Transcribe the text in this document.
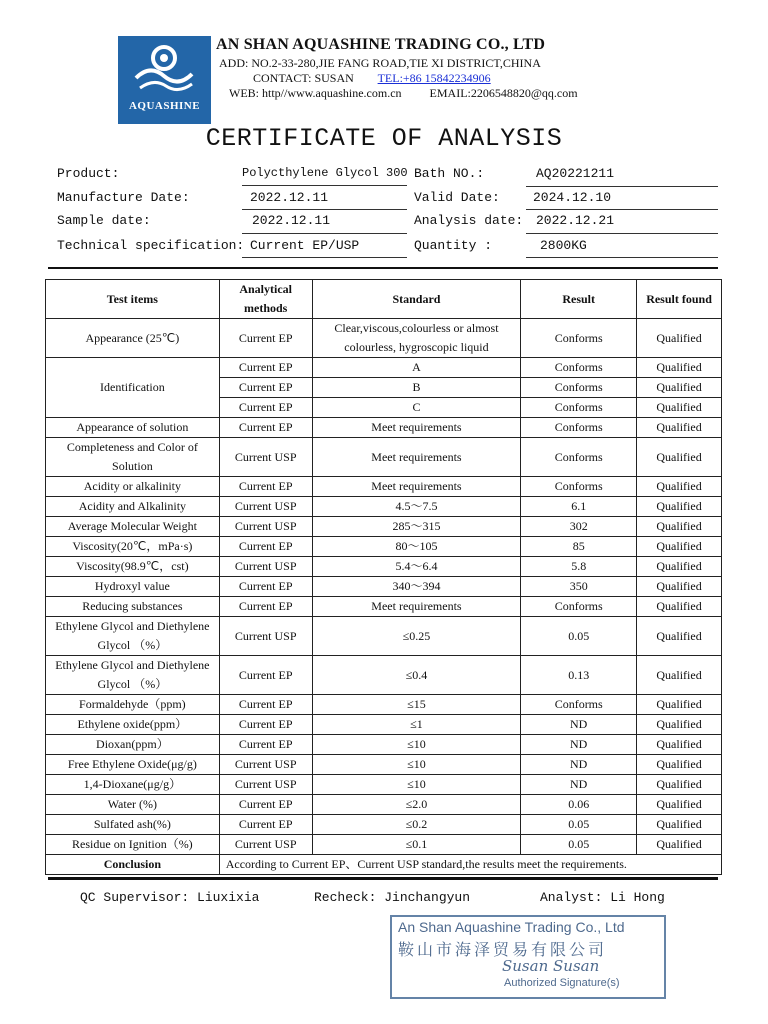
AQUASHINE
AN SHAN AQUASHINE TRADING CO., LTD
ADD: NO.2-33-280,JIE FANG ROAD,TIE XI DISTRICT,CHINA
CONTACT: SUSAN TEL:+86 15842234906
WEB: http//www.aquashine.com.cn EMAIL:2206548820@qq.com
CERTIFICATE OF ANALYSIS
Product:	Polycthylene Glycol 300 Bath NO.:	AQ20221211
Manufacture Date:	2022.12.11	Valid Date:	2024.12.10
Sample date:	2022.12.11	Analysis date: 2022.12.21
Technical specification: Current EP/USP	Quantity :	2800KG
Test items	Analytical methods	Standard	Result	Result found
Appearance (25℃)	Current EP	Clear,viscous,colourless or almost colourless, hygroscopic liquid	Conforms	Qualified
Identification	Current EP	A	Conforms	Qualified
	Current EP	B	Conforms	Qualified
	Current EP	C	Conforms	Qualified
Appearance of solution	Current EP	Meet requirements	Conforms	Qualified
Completeness and Color of Solution	Current USP	Meet requirements	Conforms	Qualified
Acidity or alkalinity	Current EP	Meet requirements	Conforms	Qualified
Acidity and Alkalinity	Current USP	4.5～7.5	6.1	Qualified
Average Molecular Weight	Current USP	285～315	302	Qualified
Viscosity(20℃，mPa·s)	Current EP	80～105	85	Qualified
Viscosity(98.9℃，cst)	Current USP	5.4～6.4	5.8	Qualified
Hydroxyl value	Current EP	340～394	350	Qualified
Reducing substances	Current EP	Meet requirements	Conforms	Qualified
Ethylene Glycol and Diethylene Glycol （%）	Current USP	≤0.25	0.05	Qualified
Ethylene Glycol and Diethylene Glycol （%）	Current EP	≤0.4	0.13	Qualified
Formaldehyde（ppm)	Current EP	≤15	Conforms	Qualified
Ethylene oxide(ppm）	Current EP	≤1	ND	Qualified
Dioxan(ppm）	Current EP	≤10	ND	Qualified
Free Ethylene Oxide(μg/g)	Current USP	≤10	ND	Qualified
1,4-Dioxane(μg/g）	Current USP	≤10	ND	Qualified
Water (%)	Current EP	≤2.0	0.06	Qualified
Sulfated ash(%)	Current EP	≤0.2	0.05	Qualified
Residue on Ignition（%)	Current USP	≤0.1	0.05	Qualified
Conclusion	According to Current EP、Current USP standard,the results meet the requirements.			
QC Supervisor: Liuxixia	Recheck: Jinchangyun	Analyst: Li Hong
An Shan Aquashine Trading Co., Ltd
鞍山市海泽贸易有限公司
Susan Susan
Authorized Signature(s)
